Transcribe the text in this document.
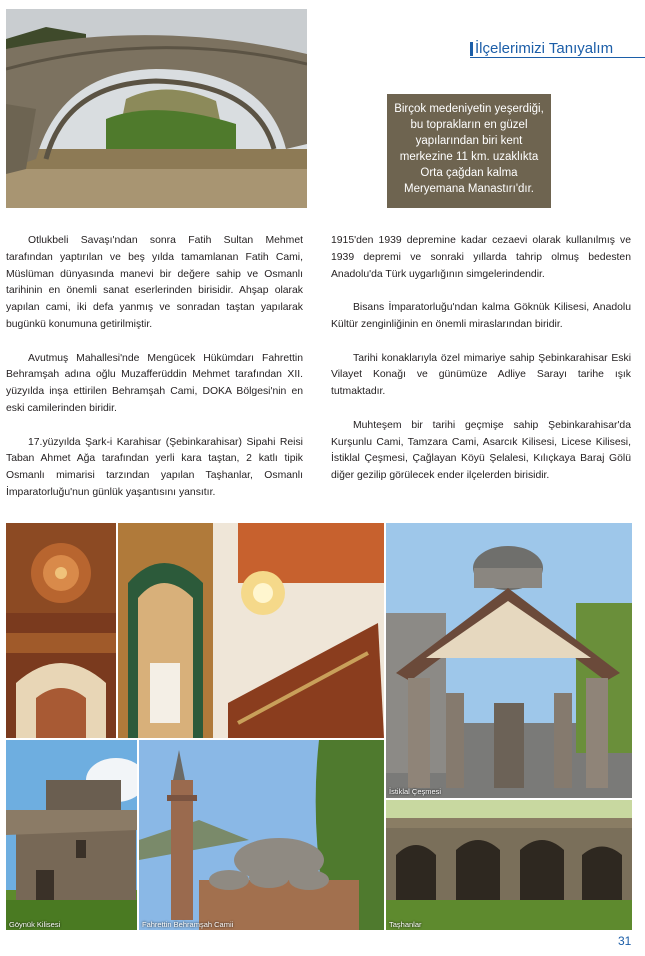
İlçelerimizi Tanıyalım
Birçok medeniyetin yeşerdiği, bu toprakların en güzel yapılarından biri kent merkezine 11 km. uzaklıkta Orta çağdan kalma Meryemana Manastırı'dır.

Otlukbeli Savaşı'ndan sonra Fatih Sultan Mehmet tarafından yaptırılan ve beş yılda tamamlanan Fatih Cami, Müslüman dünyasında manevi bir değere sahip ve Osmanlı tarihinin en önemli sanat eserlerinden birisidir. Ahşap olarak yapılan cami, iki defa yanmış ve sonradan taştan yapılarak bugünkü konumuna getirilmiştir.

Avutmuş Mahallesi'nde Mengücek Hükümdarı Fahrettin Behramşah adına oğlu Muzafferüddin Mehmet tarafından XII. yüzyılda inşa ettirilen Behramşah Cami, DOKA Bölgesi'nin en eski camilerinden biridir.

17.yüzyılda Şark-i Karahisar (Şebinkarahisar) Sipahi Reisi Taban Ahmet Ağa tarafından yerli kara taştan, 2 katlı tipik Osmanlı mimarisi tarzından yapılan Taşhanlar, Osmanlı İmparatorluğu'nun günlük yaşantısını yansıtır.

1915'den 1939 depremine kadar cezaevi olarak kullanılmış ve 1939 depremi ve sonraki yıllarda tahrip olmuş bedesten Anadolu'da Türk uygarlığının simgelerindendir.

Bisans İmparatorluğu'ndan kalma Göknük Kilisesi, Anadolu Kültür zenginliğinin en önemli miraslarından biridir.

Tarihi konaklarıyla özel mimariye sahip Şebinkarahisar Eski Vilayet Konağı ve günümüze Adliye Sarayı tarihe ışık tutmaktadır.

Muhteşem bir tarihi geçmişe sahip Şebinkarahisar'da Kurşunlu Cami, Tamzara Cami, Asarcık Kilisesi, Licese Kilisesi, İstiklal Çeşmesi, Çağlayan Köyü Şelalesi, Kılıçkaya Baraj Gölü diğer gezilip görülecek ender ilçelerden birisidir.

İstiklal Çeşmesi
Göynük Kilisesi	Fahrettin Behramşah Camii	Taşhanlar
31
